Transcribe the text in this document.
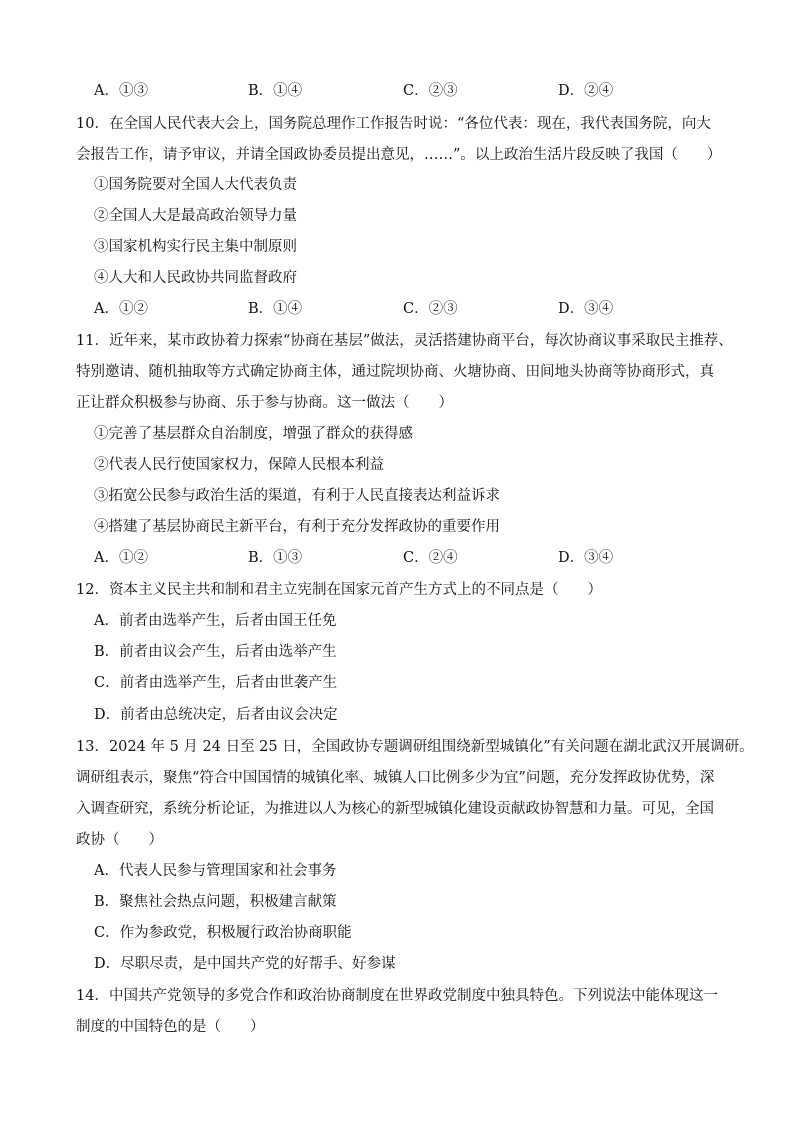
A．①③	B．①④	C．②③	D．②④
10．在全国人民代表大会上，国务院总理作工作报告时说：“各位代表：现在，我代表国务院，向大
会报告工作，请予审议，并请全国政协委员提出意见，……”。以上政治生活片段反映了我国（　　）
①国务院要对全国人大代表负责
②全国人大是最高政治领导力量
③国家机构实行民主集中制原则
④人大和人民政协共同监督政府
A．①②	B．①④	C．②③	D．③④
11．近年来，某市政协着力探索“协商在基层”做法，灵活搭建协商平台，每次协商议事采取民主推荐、
特别邀请、随机抽取等方式确定协商主体，通过院坝协商、火塘协商、田间地头协商等协商形式，真
正让群众积极参与协商、乐于参与协商。这一做法（　　）
①完善了基层群众自治制度，增强了群众的获得感
②代表人民行使国家权力，保障人民根本利益
③拓宽公民参与政治生活的渠道，有利于人民直接表达利益诉求
④搭建了基层协商民主新平台，有利于充分发挥政协的重要作用
A．①②	B．①③	C．②④	D．③④
12．资本主义民主共和制和君主立宪制在国家元首产生方式上的不同点是（　　）
A．前者由选举产生，后者由国王任免
B．前者由议会产生，后者由选举产生
C．前者由选举产生，后者由世袭产生
D．前者由总统决定，后者由议会决定
13．2024 年 5 月 24 日至 25 日，全国政协专题调研组围绕新型城镇化”有关问题在湖北武汉开展调研。
调研组表示，聚焦“符合中国国情的城镇化率、城镇人口比例多少为宜”问题，充分发挥政协优势，深
入调查研究，系统分析论证，为推进以人为核心的新型城镇化建设贡献政协智慧和力量。可见，全国
政协（　　）
A．代表人民参与管理国家和社会事务
B．聚焦社会热点问题，积极建言献策
C．作为参政党，积极履行政治协商职能
D．尽职尽责，是中国共产党的好帮手、好参谋
14．中国共产党领导的多党合作和政治协商制度在世界政党制度中独具特色。下列说法中能体现这一
制度的中国特色的是（　　）
